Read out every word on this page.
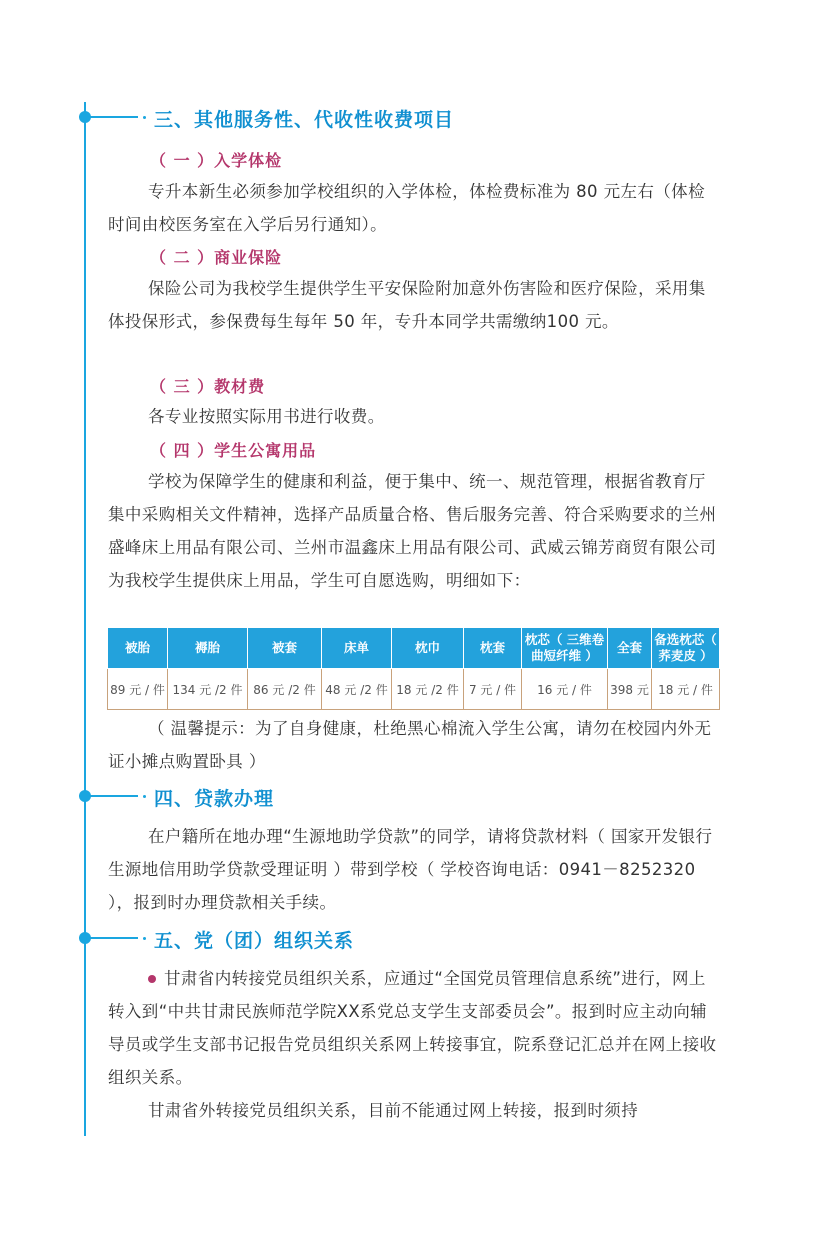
三、其他服务性、代收性收费项目
（ 一 ）入学体检
专升本新生必须参加学校组织的入学体检，体检费标准为 80 元左右（体检时间由校医务室在入学后另行通知）。
（ 二 ）商业保险
保险公司为我校学生提供学生平安保险附加意外伤害险和医疗保险，采用集体投保形式，参保费每生每年 50 年，专升本同学共需缴纳100 元。
（ 三 ）教材费
各专业按照实际用书进行收费。
（ 四 ）学生公寓用品
学校为保障学生的健康和利益，便于集中、统一、规范管理，根据省教育厅集中采购相关文件精神，选择产品质量合格、售后服务完善、符合采购要求的兰州盛峰床上用品有限公司、兰州市温鑫床上用品有限公司、武威云锦芳商贸有限公司为我校学生提供床上用品，学生可自愿选购，明细如下：
被胎	褥胎	被套	床单	枕巾	枕套	枕芯（ 三维卷曲短纤维 ）	全套	备选枕芯（ 荞麦皮 ）
89 元 / 件	134 元 /2 件	86 元 /2 件	48 元 /2 件	18 元 /2 件	7 元 / 件	16 元 / 件	398 元	18 元 / 件
（ 温馨提示：为了自身健康，杜绝黑心棉流入学生公寓，请勿在校园内外无证小摊点购置卧具 ）
四、贷款办理
在户籍所在地办理“生源地助学贷款”的同学，请将贷款材料（ 国家开发银行生源地信用助学贷款受理证明 ）带到学校（ 学校咨询电话：0941－8252320 ），报到时办理贷款相关手续。
五、党（团）组织关系
甘肃省内转接党员组织关系，应通过“全国党员管理信息系统”进行，网上转入到“中共甘肃民族师范学院XX系党总支学生支部委员会”。报到时应主动向辅导员或学生支部书记报告党员组织关系网上转接事宜，院系登记汇总并在网上接收组织关系。
甘肃省外转接党员组织关系，目前不能通过网上转接，报到时须持
